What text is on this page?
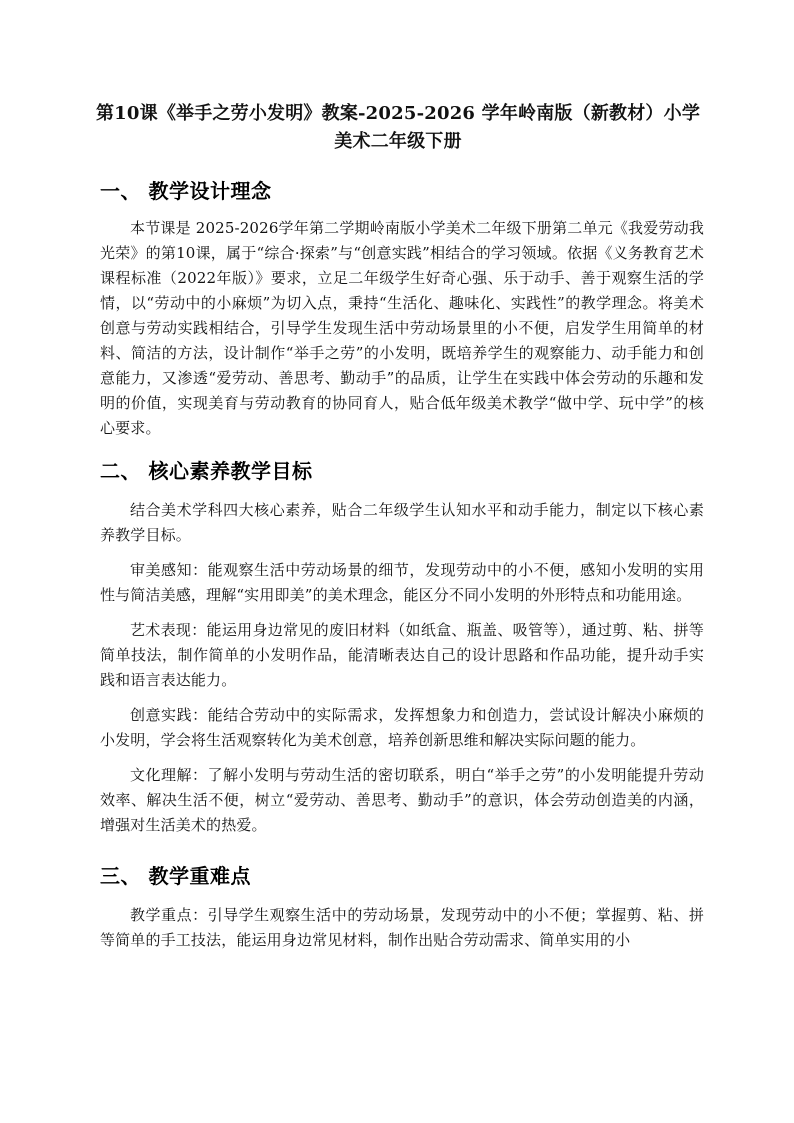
第10课《举手之劳小发明》教案-2025-2026 学年岭南版（新教材）小学
美术二年级下册
一、 教学设计理念

本节课是 2025-2026学年第二学期岭南版小学美术二年级下册第二单元《我爱劳动我光荣》的第10课，属于“综合·探索”与“创意实践”相结合的学习领域。依据《义务教育艺术课程标准（2022年版）》要求，立足二年级学生好奇心强、乐于动手、善于观察生活的学情，以“劳动中的小麻烦”为切入点，秉持“生活化、趣味化、实践性”的教学理念。将美术创意与劳动实践相结合，引导学生发现生活中劳动场景里的小不便，启发学生用简单的材料、简洁的方法，设计制作“举手之劳”的小发明，既培养学生的观察能力、动手能力和创意能力，又渗透“爱劳动、善思考、勤动手”的品质，让学生在实践中体会劳动的乐趣和发明的价值，实现美育与劳动教育的协同育人，贴合低年级美术教学“做中学、玩中学”的核心要求。

二、 核心素养教学目标

结合美术学科四大核心素养，贴合二年级学生认知水平和动手能力，制定以下核心素养教学目标。

审美感知：能观察生活中劳动场景的细节，发现劳动中的小不便，感知小发明的实用性与简洁美感，理解“实用即美”的美术理念，能区分不同小发明的外形特点和功能用途。

艺术表现：能运用身边常见的废旧材料（如纸盒、瓶盖、吸管等），通过剪、粘、拼等简单技法，制作简单的小发明作品，能清晰表达自己的设计思路和作品功能，提升动手实践和语言表达能力。

创意实践：能结合劳动中的实际需求，发挥想象力和创造力，尝试设计解决小麻烦的小发明，学会将生活观察转化为美术创意，培养创新思维和解决实际问题的能力。

文化理解：了解小发明与劳动生活的密切联系，明白“举手之劳”的小发明能提升劳动效率、解决生活不便，树立“爱劳动、善思考、勤动手”的意识，体会劳动创造美的内涵，增强对生活美术的热爱。

三、 教学重难点

教学重点：引导学生观察生活中的劳动场景，发现劳动中的小不便；掌握剪、粘、拼等简单的手工技法，能运用身边常见材料，制作出贴合劳动需求、简单实用的小
